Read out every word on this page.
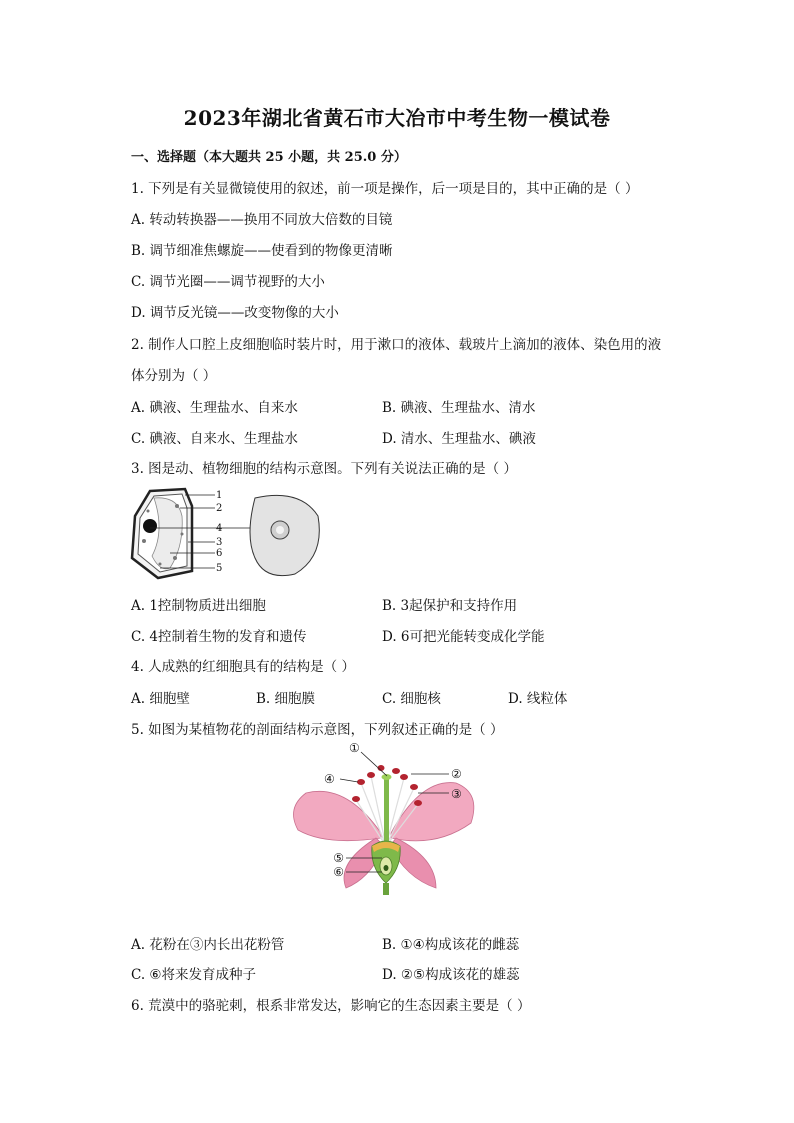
2023年湖北省黄石市大冶市中考生物一模试卷
一、选择题（本大题共 25 小题，共 25.0 分）
1. 下列是有关显微镜使用的叙述，前一项是操作，后一项是目的，其中正确的是（ ）
A. 转动转换器——换用不同放大倍数的目镜
B. 调节细准焦螺旋——使看到的物像更清晰
C. 调节光圈——调节视野的大小
D. 调节反光镜——改变物像的大小
2. 制作人口腔上皮细胞临时装片时，用于漱口的液体、载玻片上滴加的液体、染色用的液
体分别为（ ）
A. 碘液、生理盐水、自来水	B. 碘液、生理盐水、清水
C. 碘液、自来水、生理盐水	D. 清水、生理盐水、碘液
3. 图是动、植物细胞的结构示意图。下列有关说法正确的是（ ）
1
2
4
3
6
5
A. 1控制物质进出细胞	B. 3起保护和支持作用
C. 4控制着生物的发育和遗传	D. 6可把光能转变成化学能
4. 人成熟的红细胞具有的结构是（ ）
A. 细胞壁	B. 细胞膜	C. 细胞核	D. 线粒体
5. 如图为某植物花的剖面结构示意图，下列叙述正确的是（ ）
①
②
③
④
⑤
⑥
A. 花粉在③内长出花粉管	B. ①④构成该花的雌蕊
C. ⑥将来发育成种子	D. ②⑤构成该花的雄蕊
6. 荒漠中的骆驼刺，根系非常发达，影响它的生态因素主要是（ ）
